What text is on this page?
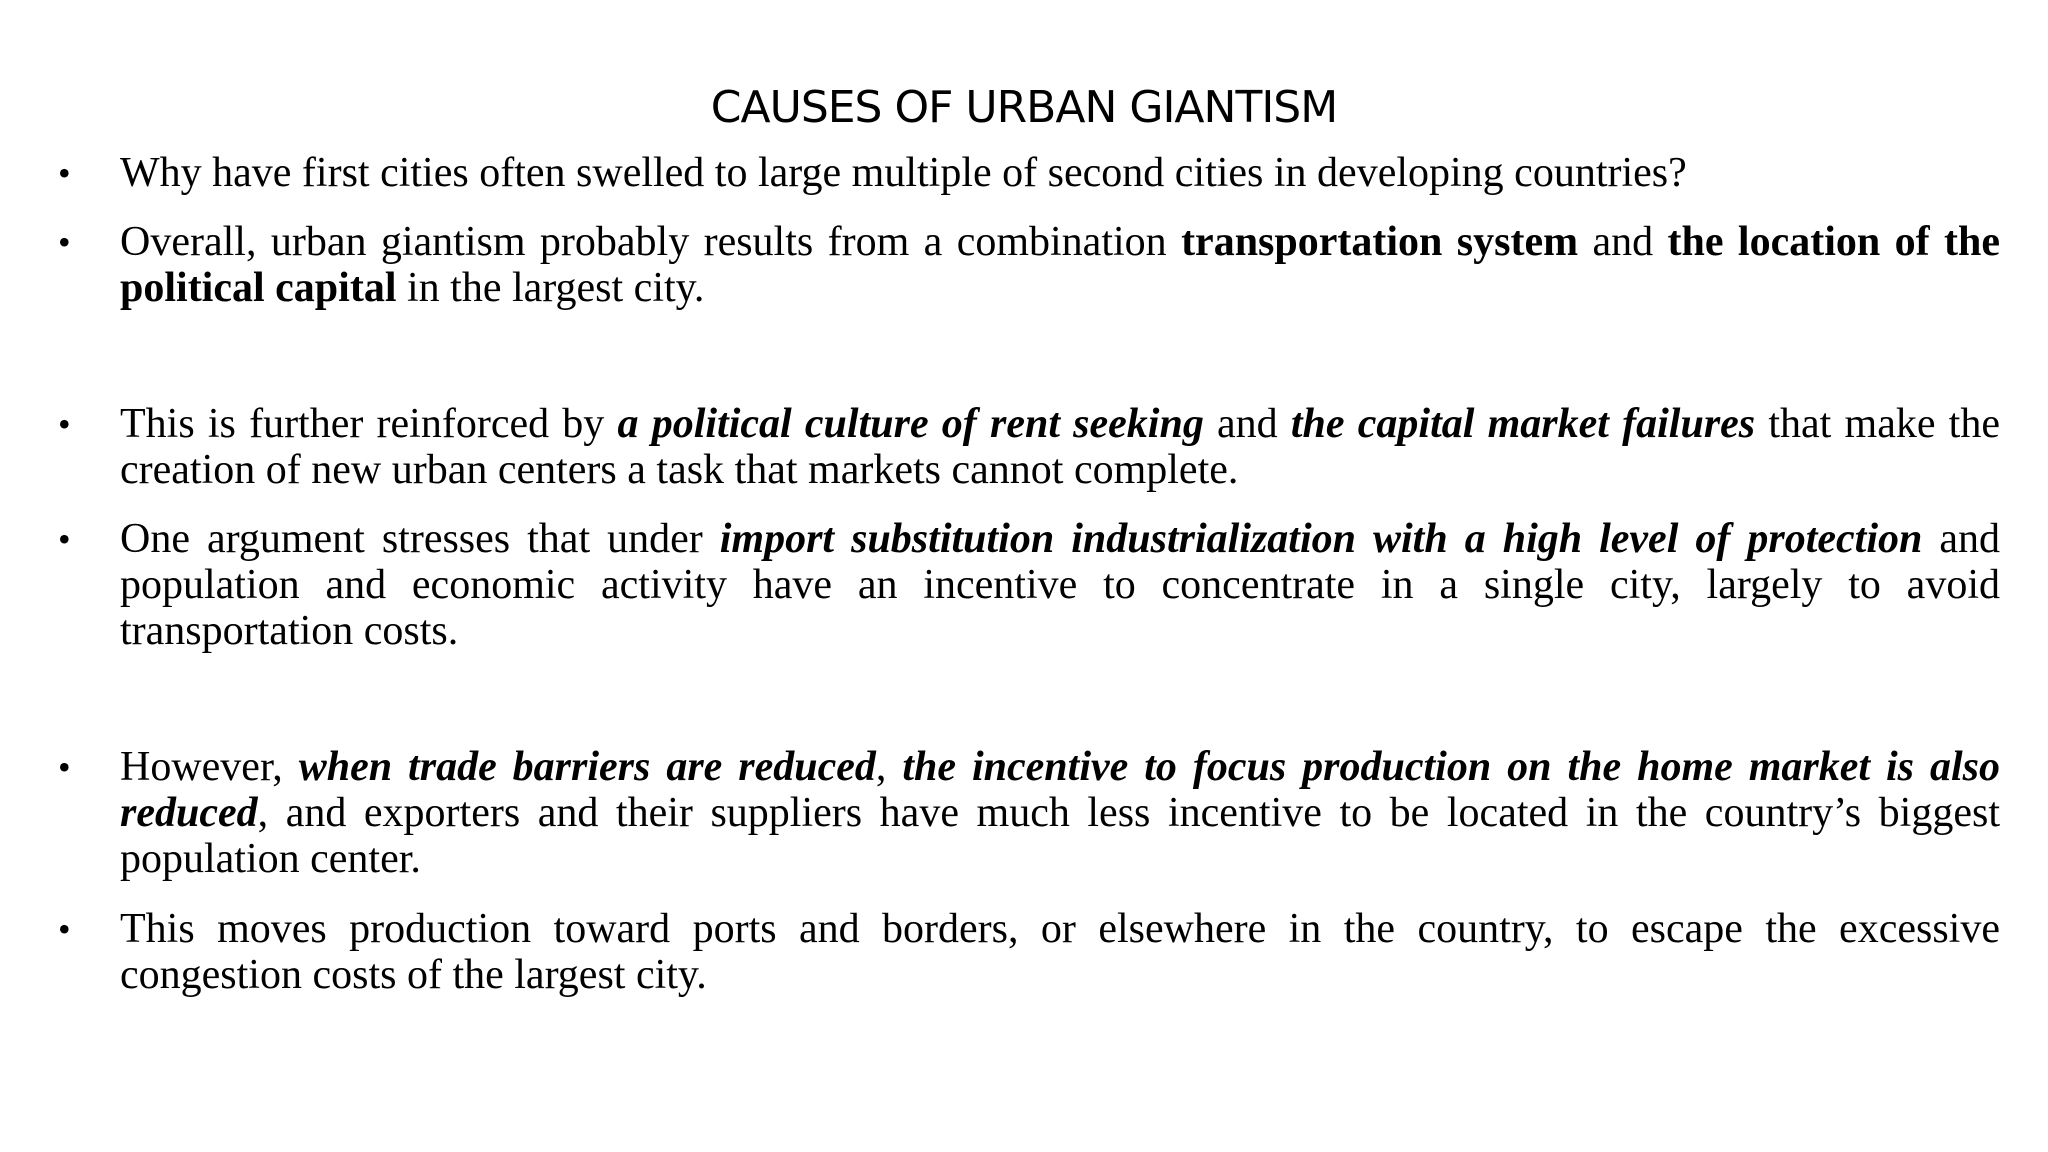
CAUSES OF URBAN GIANTISM
• Why have first cities often swelled to large multiple of second cities in developing countries?
• Overall, urban giantism probably results from a combination transportation system and the location of the political capital in the largest city.
• This is further reinforced by a political culture of rent seeking and the capital market failures that make the creation of new urban centers a task that markets cannot complete.
• One argument stresses that under import substitution industrialization with a high level of protection and population and economic activity have an incentive to concentrate in a single city, largely to avoid transportation costs.
• However, when trade barriers are reduced, the incentive to focus production on the home market is also reduced, and exporters and their suppliers have much less incentive to be located in the country’s biggest population center.
• This moves production toward ports and borders, or elsewhere in the country, to escape the excessive congestion costs of the largest city.
